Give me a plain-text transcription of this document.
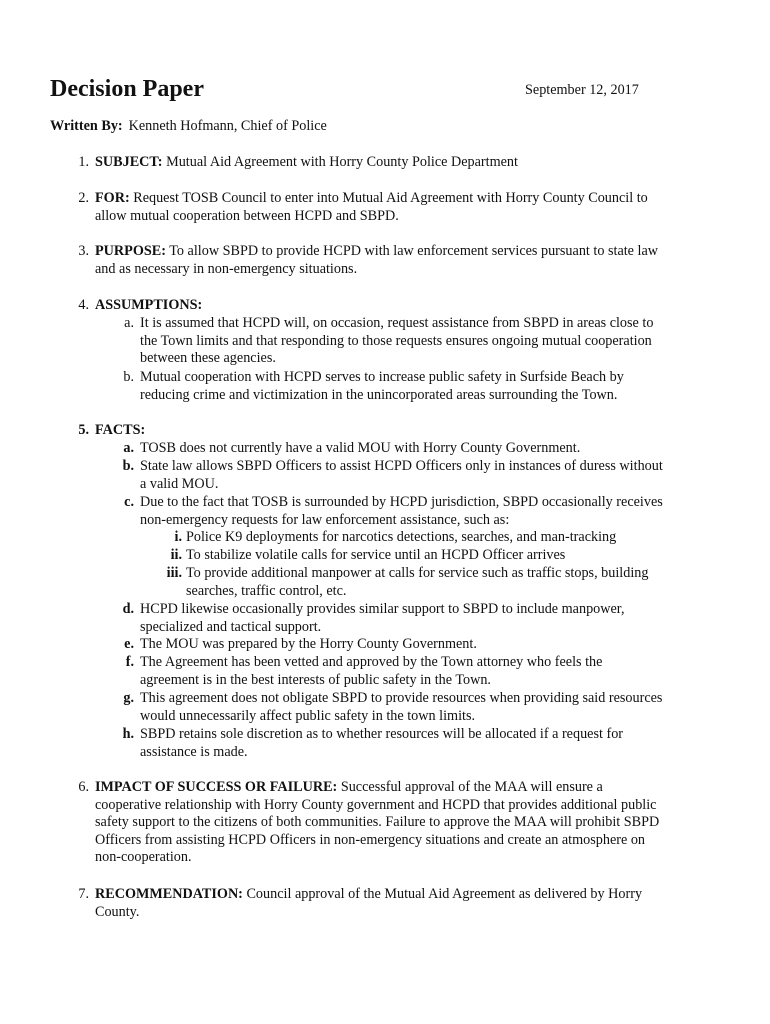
Decision Paper	September 12, 2017
Written By: Kenneth Hofmann, Chief of Police
1. SUBJECT: Mutual Aid Agreement with Horry County Police Department
2. FOR: Request TOSB Council to enter into Mutual Aid Agreement with Horry County Council to
allow mutual cooperation between HCPD and SBPD.
3. PURPOSE: To allow SBPD to provide HCPD with law enforcement services pursuant to state law
and as necessary in non-emergency situations.
4. ASSUMPTIONS:
a. It is assumed that HCPD will, on occasion, request assistance from SBPD in areas close to
the Town limits and that responding to those requests ensures ongoing mutual cooperation
between these agencies.
b. Mutual cooperation with HCPD serves to increase public safety in Surfside Beach by
reducing crime and victimization in the unincorporated areas surrounding the Town.
5. FACTS:
a. TOSB does not currently have a valid MOU with Horry County Government.
b. State law allows SBPD Officers to assist HCPD Officers only in instances of duress without
a valid MOU.
c. Due to the fact that TOSB is surrounded by HCPD jurisdiction, SBPD occasionally receives
non-emergency requests for law enforcement assistance, such as:
i. Police K9 deployments for narcotics detections, searches, and man-tracking
ii. To stabilize volatile calls for service until an HCPD Officer arrives
iii. To provide additional manpower at calls for service such as traffic stops, building
searches, traffic control, etc.
d. HCPD likewise occasionally provides similar support to SBPD to include manpower,
specialized and tactical support.
e. The MOU was prepared by the Horry County Government.
f. The Agreement has been vetted and approved by the Town attorney who feels the
agreement is in the best interests of public safety in the Town.
g. This agreement does not obligate SBPD to provide resources when providing said resources
would unnecessarily affect public safety in the town limits.
h. SBPD retains sole discretion as to whether resources will be allocated if a request for
assistance is made.
6. IMPACT OF SUCCESS OR FAILURE: Successful approval of the MAA will ensure a
cooperative relationship with Horry County government and HCPD that provides additional public
safety support to the citizens of both communities. Failure to approve the MAA will prohibit SBPD
Officers from assisting HCPD Officers in non-emergency situations and create an atmosphere on
non-cooperation.
7. RECOMMENDATION: Council approval of the Mutual Aid Agreement as delivered by Horry
County.
